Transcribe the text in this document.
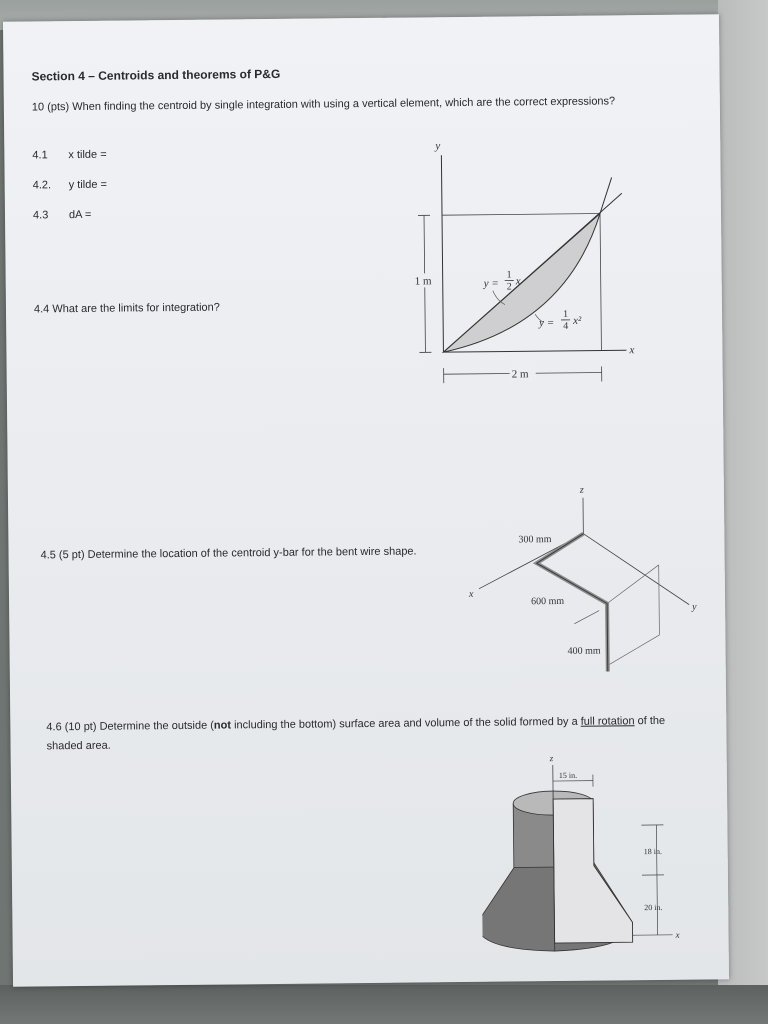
Section 4 – Centroids and theorems of P&G
10 (pts) When finding the centroid by single integration with using a vertical element, which are the correct expressions?
4.1 x tilde =
4.2. y tilde =
4.3 dA =
4.4 What are the limits for integration?
4.5 (5 pt) Determine the location of the centroid y-bar for the bent wire shape.
4.6 (10 pt) Determine the outside (not including the bottom) surface area and volume of the solid formed by a full rotation of the shaded area.
y
x
1 m
2 m
y =
1
2 x
y =
1
4 x²
z
x
y
300 mm
600 mm
400 mm
z
15 in.
18 in.
20 in.
x
